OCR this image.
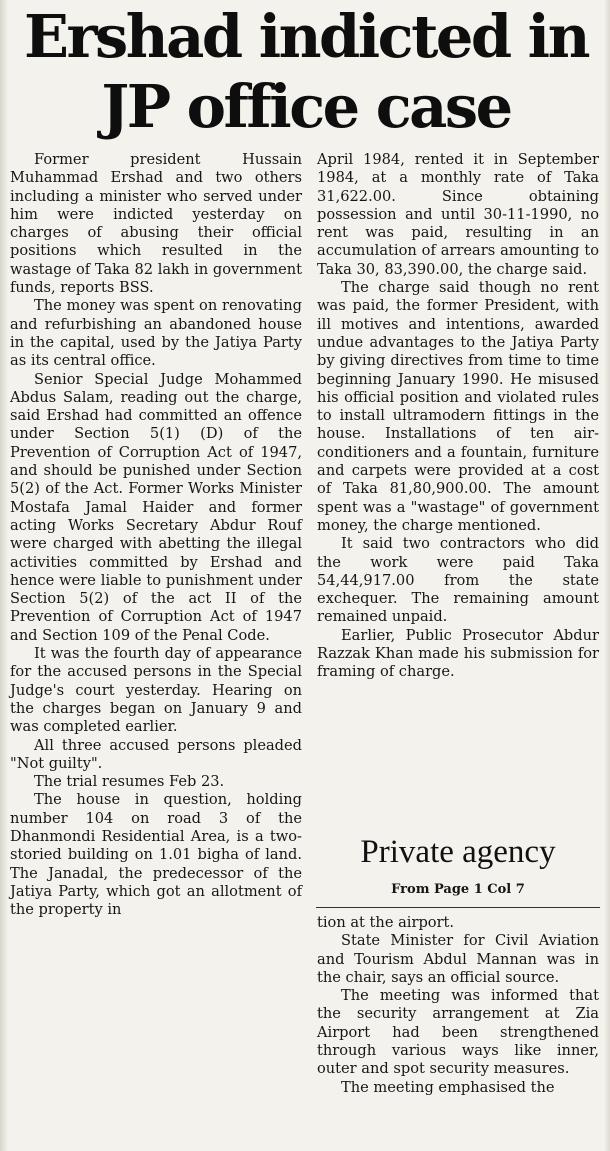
Ershad indicted in
JP office case

Former president Hussain Muhammad Ershad and two others including a minister who served under him were indicted yesterday on charges of abusing their official positions which resulted in the wastage of Taka 82 lakh in government funds, reports BSS.

The money was spent on renovating and refurbishing an abandoned house in the capital, used by the Jatiya Party as its central office.

Senior Special Judge Mohammed Abdus Salam, reading out the charge, said Ershad had committed an offence under Section 5(1) (D) of the Prevention of Corruption Act of 1947, and should be punished under Section 5(2) of the Act. Former Works Minister Mostafa Jamal Haider and former acting Works Secretary Abdur Rouf were charged with abetting the illegal activities committed by Ershad and hence were liable to punishment under Section 5(2) of the act II of the Prevention of Corruption Act of 1947 and Section 109 of the Penal Code.

It was the fourth day of appearance for the accused persons in the Special Judge's court yesterday. Hearing on the charges began on January 9 and was completed earlier.

All three accused persons pleaded "Not guilty".

The trial resumes Feb 23.

The house in question, holding number 104 on road 3 of the Dhanmondi Residential Area, is a two-storied building on 1.01 bigha of land. The Janadal, the predecessor of the Jatiya Party, which got an allotment of the property in

April 1984, rented it in September 1984, at a monthly rate of Taka 31,622.00. Since obtaining possession and until 30-11-1990, no rent was paid, resulting in an accumulation of arrears amounting to Taka 30, 83,390.00, the charge said.

The charge said though no rent was paid, the former President, with ill motives and intentions, awarded undue advantages to the Jatiya Party by giving directives from time to time beginning January 1990. He misused his official position and violated rules to install ultramodern fittings in the house. Installations of ten air-conditioners and a fountain, furniture and carpets were provided at a cost of Taka 81,80,900.00. The amount spent was a "wastage" of government money, the charge mentioned.

It said two contractors who did the work were paid Taka 54,44,917.00 from the state exchequer. The remaining amount remained unpaid.

Earlier, Public Prosecutor Abdur Razzak Khan made his submission for framing of charge.

Private agency
From Page 1 Col 7

tion at the airport.

State Minister for Civil Aviation and Tourism Abdul Mannan was in the chair, says an official source.

The meeting was informed that the security arrangement at Zia Airport had been strengthened through various ways like inner, outer and spot security measures.

The meeting emphasised the
